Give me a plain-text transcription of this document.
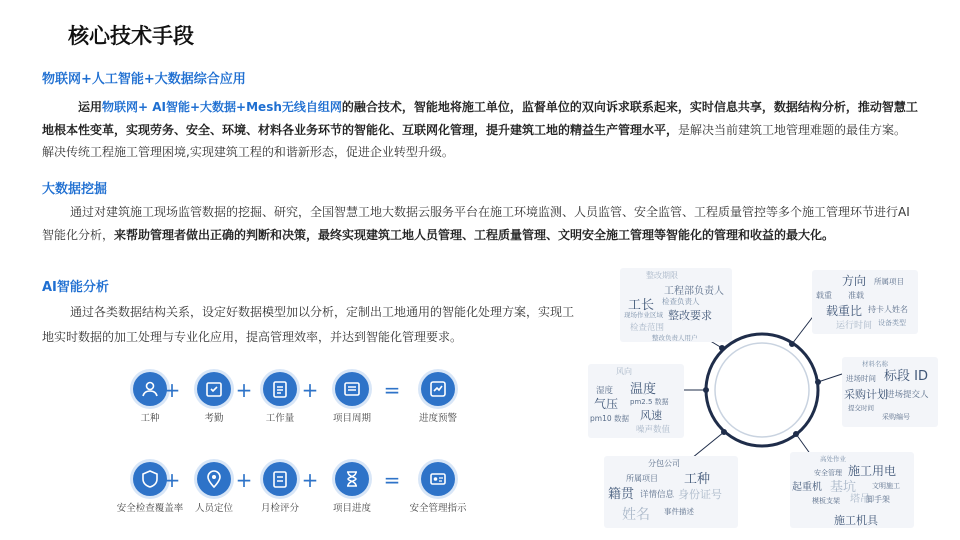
核心技术手段
物联网+人工智能+大数据综合应用
运用物联网+ AI智能+大数据+Mesh无线自组网的融合技术，智能地将施工单位，监督单位的双向诉求联系起来，实时信息共享，数据结构分析，推动智慧工地根本性变革，实现劳务、安全、环境、材料各业务环节的智能化、互联网化管理，提升建筑工地的精益生产管理水平，是解决当前建筑工地管理难题的最佳方案。解决传统工程施工管理困境,实现建筑工程的和谐新形态，促进企业转型升级。
大数据挖掘
通过对建筑施工现场监管数据的挖掘、研究，全国智慧工地大数据云服务平台在施工环境监测、人员监管、安全监管、工程质量管控等多个施工管理环节进行AI智能化分析，来帮助管理者做出正确的判断和决策，最终实现建筑工地人员管理、工程质量管理、文明安全施工管理等智能化的管理和收益的最大化。
AI智能分析
通过各类数据结构关系，设定好数据模型加以分析，定制出工地通用的智能化处理方案，实现工地实时数据的加工处理与专业化应用，提高管理效率，并达到智能化管理要求。
工种
+
考勤
+
工作量
+
项目周期
=
进度预警
安全检查覆盖率
+
人员定位
+
月检评分
+
项目进度
=
安全管理指示
整改期限
工程部负责人
工长 检查负责人
整改要求
检查范围
整改负责人用户
现场作业区域
方向 所属项目
载重 准载
载重比 持卡人姓名
运行时间 设备类型
风向
温度
湿度
气压 pm2.5 数据
风速
pm10 数据
噪声数值
材料名称
标段 ID
进场时间
采购计划
进场提交人
提交时间
采购编号
分包公司
工种
所属项目
籍贯 详情信息 身份证号
姓名 事件描述
高处作业
施工用电
安全管理
起重机 基坑
塔吊
文明施工
脚手架
模板支架
施工机具
